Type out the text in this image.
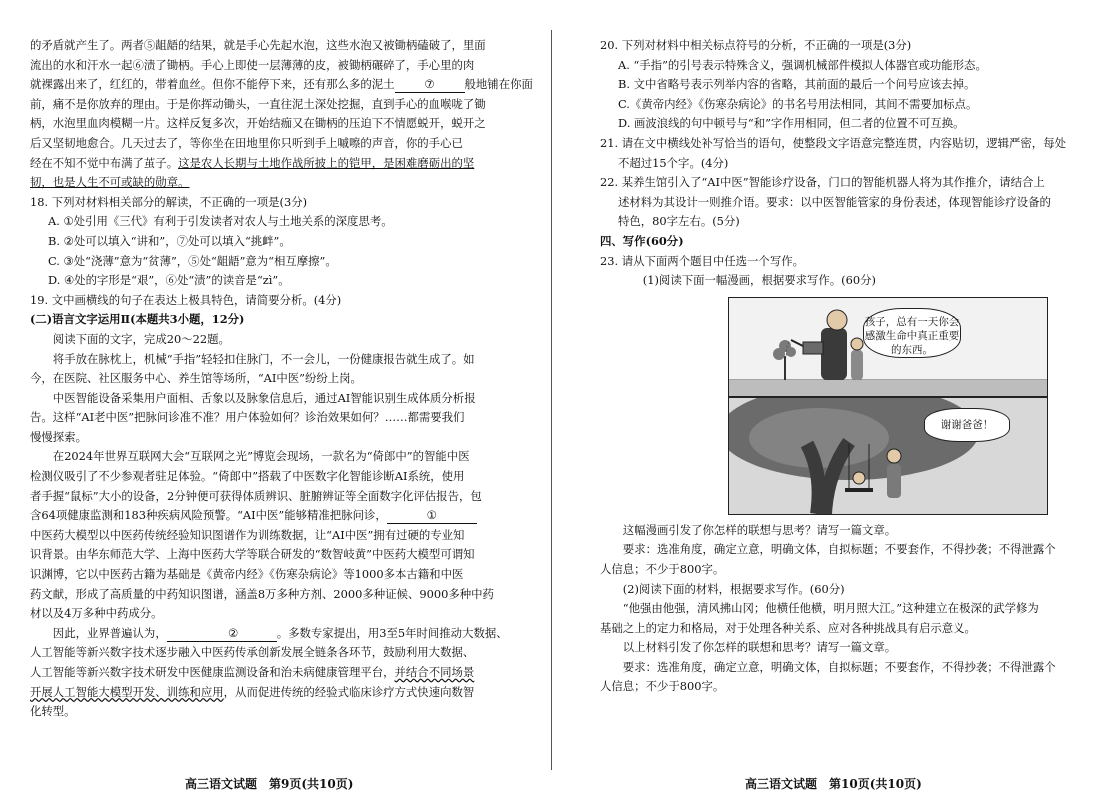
的矛盾就产生了。两者⑤龃龉的结果，就是手心先起水泡，这些水泡又被锄柄磕破了，里面

流出的水和汗水一起⑥渍了锄柄。手心上即使一层薄薄的皮，被锄柄碾碎了，手心里的肉

就裸露出来了，红红的，带着血丝。但你不能停下来，还有那么多的泥土	⑦	般地铺在你面

前，痛不是你放弃的理由。于是你挥动锄头，一直往泥土深处挖掘，直到手心的血喉咙了锄

柄，水泡里血肉模糊一片。这样反复多次，开始结痂又在锄柄的压迫下不情愿蜕开，蜕开之

后又坚韧地愈合。几天过去了，等你坐在田地里你只听到手上嘁嚓的声音，你的手心已

经在不知不觉中布满了茧子。这是农人长期与土地作战所披上的铠甲，是困难磨砺出的坚

韧，也是人生不可或缺的勋章。

18. 下列对材料相关部分的解读，不正确的一项是(3分)

A. ①处引用《三代》有利于引发读者对农人与土地关系的深度思考。

B. ②处可以填入“讲和”，⑦处可以填入“挑衅”。

C. ③处“浇薄”意为“贫薄”，⑤处“龃龉”意为“相互摩擦”。

D. ④处的字形是“艰”，⑥处“渍”的读音是“zì”。

19. 文中画横线的句子在表达上极具特色，请简要分析。(4分)

(二)语言文字运用Ⅱ(本题共3小题，12分)

阅读下面的文字，完成20～22题。

将手放在脉枕上，机械“手指”轻轻扣住脉门，不一会儿，一份健康报告就生成了。如

今，在医院、社区服务中心、养生馆等场所，“AI中医”纷纷上岗。

中医智能设备采集用户面相、舌象以及脉象信息后，通过AI智能识别生成体质分析报

告。这样“AI老中医”把脉问诊准不准？用户体验如何？诊治效果如何？……都需要我们

慢慢探索。

在2024年世界互联网大会“互联网之光”博览会现场，一款名为“倚郎中”的智能中医

检测仪吸引了不少参观者驻足体验。“倚郎中”搭载了中医数字化智能诊断AI系统，使用

者手握“鼠标”大小的设备，2分钟便可获得体质辨识、脏腑辨证等全面数字化评估报告，包

含64项健康监测和183种疾病风险预警。“AI中医”能够精准把脉问诊，	①

中医药大模型以中医药传统经验知识图谱作为训练数据，让“AI中医”拥有过硬的专业知

识背景。由华东师范大学、上海中医药大学等联合研发的“数智岐黄”中医药大模型可谓知

识渊博，它以中医药古籍为基础是《黄帝内经》《伤寒杂病论》等1000多本古籍和中医

药文献，形成了高质量的中药知识图谱，涵盖8万多种方剂、2000多种证候、9000多种中药

材以及4万多种中药成分。

因此，业界普遍认为，	②	。多数专家提出，用3至5年时间推动大数据、

人工智能等新兴数字技术逐步融入中医药传承创新发展全链条各环节，鼓励利用大数据、

人工智能等新兴数字技术研发中医健康监测设备和治未病健康管理平台，并结合不同场景

开展人工智能大模型开发、训练和应用，从而促进传统的经验式临床诊疗方式快速向数智

化转型。

20. 下列对材料中相关标点符号的分析，不正确的一项是(3分)

A. “手指”的引号表示特殊含义，强调机械部件模拟人体器官或功能形态。

B. 文中省略号表示列举内容的省略，其前面的最后一个问号应该去掉。

C.《黄帝内经》《伤寒杂病论》的书名号用法相同，其间不需要加标点。

D. 画波浪线的句中顿号与“和”字作用相同，但二者的位置不可互换。

21. 请在文中横线处补写恰当的语句，使整段文字语意完整连贯，内容贴切，逻辑严密，每处

不超过15个字。(4分)

22. 某养生馆引入了“AI中医”智能诊疗设备，门口的智能机器人将为其作推介，请结合上

述材料为其设计一则推介语。要求：以中医智能管家的身份表述，体现智能诊疗设备的

特色，80字左右。(5分)

四、写作(60分)

23. 请从下面两个题目中任选一个写作。

(1)阅读下面一幅漫画，根据要求写作。(60分)

孩子，总有一天你会感激生命中真正重要的东西。
谢谢爸爸！

这幅漫画引发了你怎样的联想与思考？请写一篇文章。

要求：选准角度，确定立意，明确文体，自拟标题；不要套作，不得抄袭；不得泄露个

人信息；不少于800字。

(2)阅读下面的材料，根据要求写作。(60分)

“他强由他强，清风拂山冈；他横任他横，明月照大江。”这种建立在极深的武学修为

基础之上的定力和格局，对于处理各种关系、应对各种挑战具有启示意义。

以上材料引发了你怎样的联想和思考？请写一篇文章。

要求：选准角度，确定立意，明确文体，自拟标题；不要套作，不得抄袭；不得泄露个

人信息；不少于800字。

高三语文试题　第9页(共10页)	高三语文试题　第10页(共10页)
